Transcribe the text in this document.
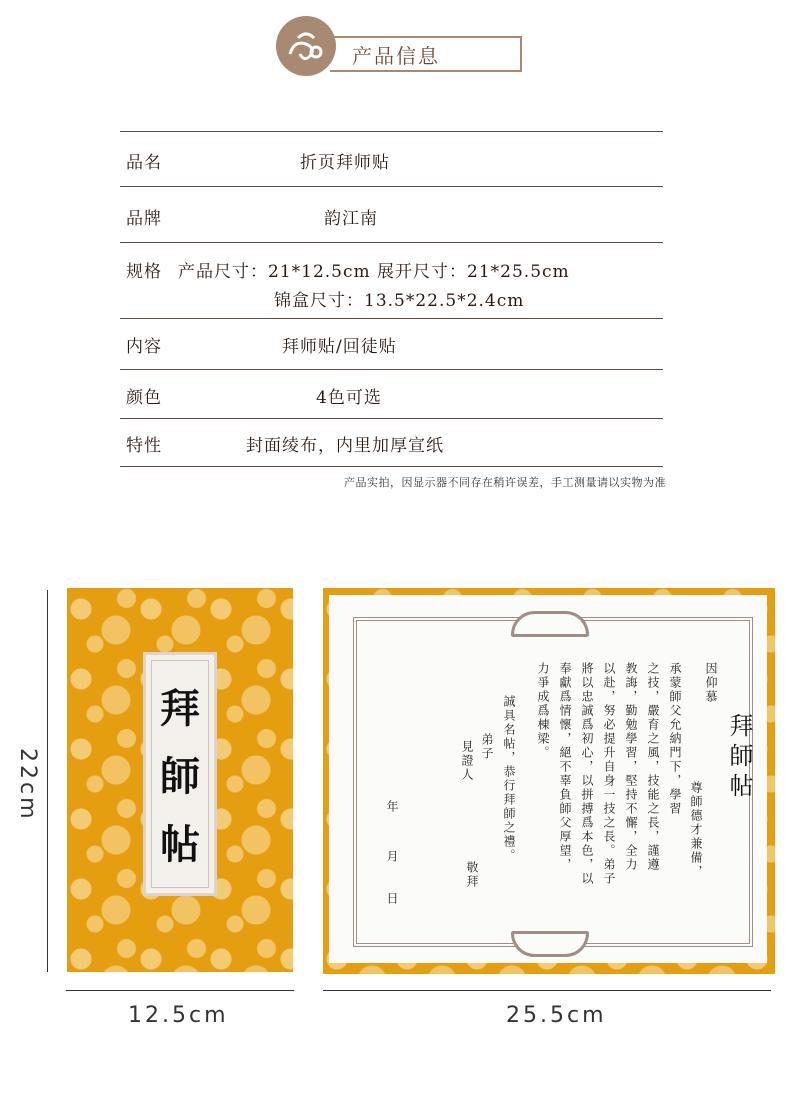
产品信息
品名	折页拜师贴
品牌	韵江南
规格 产品尺寸：21*12.5cm 展开尺寸：21*25.5cm
锦盒尺寸：13.5*22.5*2.4cm
内容	拜师贴/回徒贴
颜色	4色可选
特性	封面绫布，内里加厚宣纸
产品实拍，因显示器不同存在稍许误差，手工测量请以实物为准
22cm
拜
師
帖
拜師帖
因仰慕
尊師德才兼備，
承蒙師父允納門下，學習
之技，嚴育之風，技能之長，謹遵
教誨，勤勉學習，堅持不懈，全力
以赴，努必提升自身一技之長。弟子
將以忠誠爲初心，以拼搏爲本色，以
奉獻爲情懷，絕不辜負師父厚望，
力爭成爲棟梁。
誠具名帖，恭行拜師之禮。
弟子
見證人
年
月
日
敬拜
12.5cm	25.5cm
